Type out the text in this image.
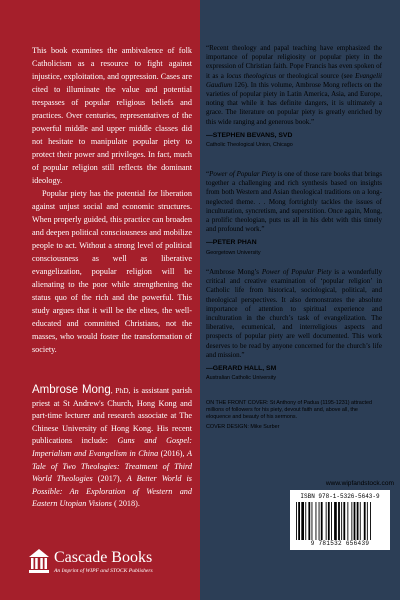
This book examines the ambivalence of folk Catholicism as a resource to fight against injustice, exploitation, and oppression. Cases are cited to illuminate the value and potential trespasses of popular religious beliefs and practices. Over centuries, representatives of the powerful middle and upper middle classes did not hesitate to manipulate popular piety to protect their power and privileges. In fact, much of popular religion still reflects the dominant ideology.

Popular piety has the potential for liberation against unjust social and economic structures. When properly guided, this practice can broaden and deepen political consciousness and mobilize people to act. Without a strong level of political consciousness as well as liberative evangelization, popular religion will be alienating to the poor while strengthening the status quo of the rich and the powerful. This study argues that it will be the elites, the well-educated and committed Christians, not the masses, who would foster the transformation of society.

Ambrose Mong, PhD, is assistant parish priest at St Andrew's Church, Hong Kong and part-time lecturer and research associate at The Chinese University of Hong Kong. His recent publications include: Guns and Gospel: Imperialism and Evangelism in China (2016), A Tale of Two Theologies: Treatment of Third World Theologies (2017), A Better World is Possible: An Exploration of Western and Eastern Utopian Visions ( 2018).
Cascade Books
An Imprint of WIPF and STOCK Publishers

“Recent theology and papal teaching have emphasized the importance of popular religiosity or popular piety in the expression of Christian faith. Pope Francis has even spoken of it as a locus theologicus or theological source (see Evangelii Gaudium 126). In this volume, Ambrose Mong reflects on the varieties of popular piety in Latin America, Asia, and Europe, noting that while it has definite dangers, it is ultimately a grace. The literature on popular piety is greatly enriched by this wide ranging and generous book.”

—STEPHEN BEVANS, SVD

Catholic Theological Union, Chicago

“Power of Popular Piety is one of those rare books that brings together a challenging and rich synthesis based on insights from both Western and Asian theological traditions on a long-neglected theme. . . Mong fortrightly tackles the issues of inculturation, syncretism, and superstition. Once again, Mong, a prolific theologian, puts us all in his debt with this timely and profound work.”

—PETER PHAN

Georgetown University

“Ambrose Mong’s Power of Popular Piety is a wonderfully critical and creative examination of ‘popular religion’ in Catholic life from historical, sociological, political, and theological perspectives. It also demonstrates the absolute importance of attention to spiritual experience and inculturation in the church’s task of evangelization. The liberative, ecumenical, and interreligious aspects and prospects of popular piety are well documented. This work deserves to be read by anyone concerned for the church’s life and mission.”

—GERARD HALL, SM

Australian Catholic University

ON THE FRONT COVER: St Anthony of Padua (1195-1231) attracted millions of followers for his piety, devout faith and, above all, the eloquence and beauty of his sermons.

COVER DESIGN: Mike Surber

www.wipfandstock.com
ISBN 978-1-5326-5643-9
9 781532 656439
